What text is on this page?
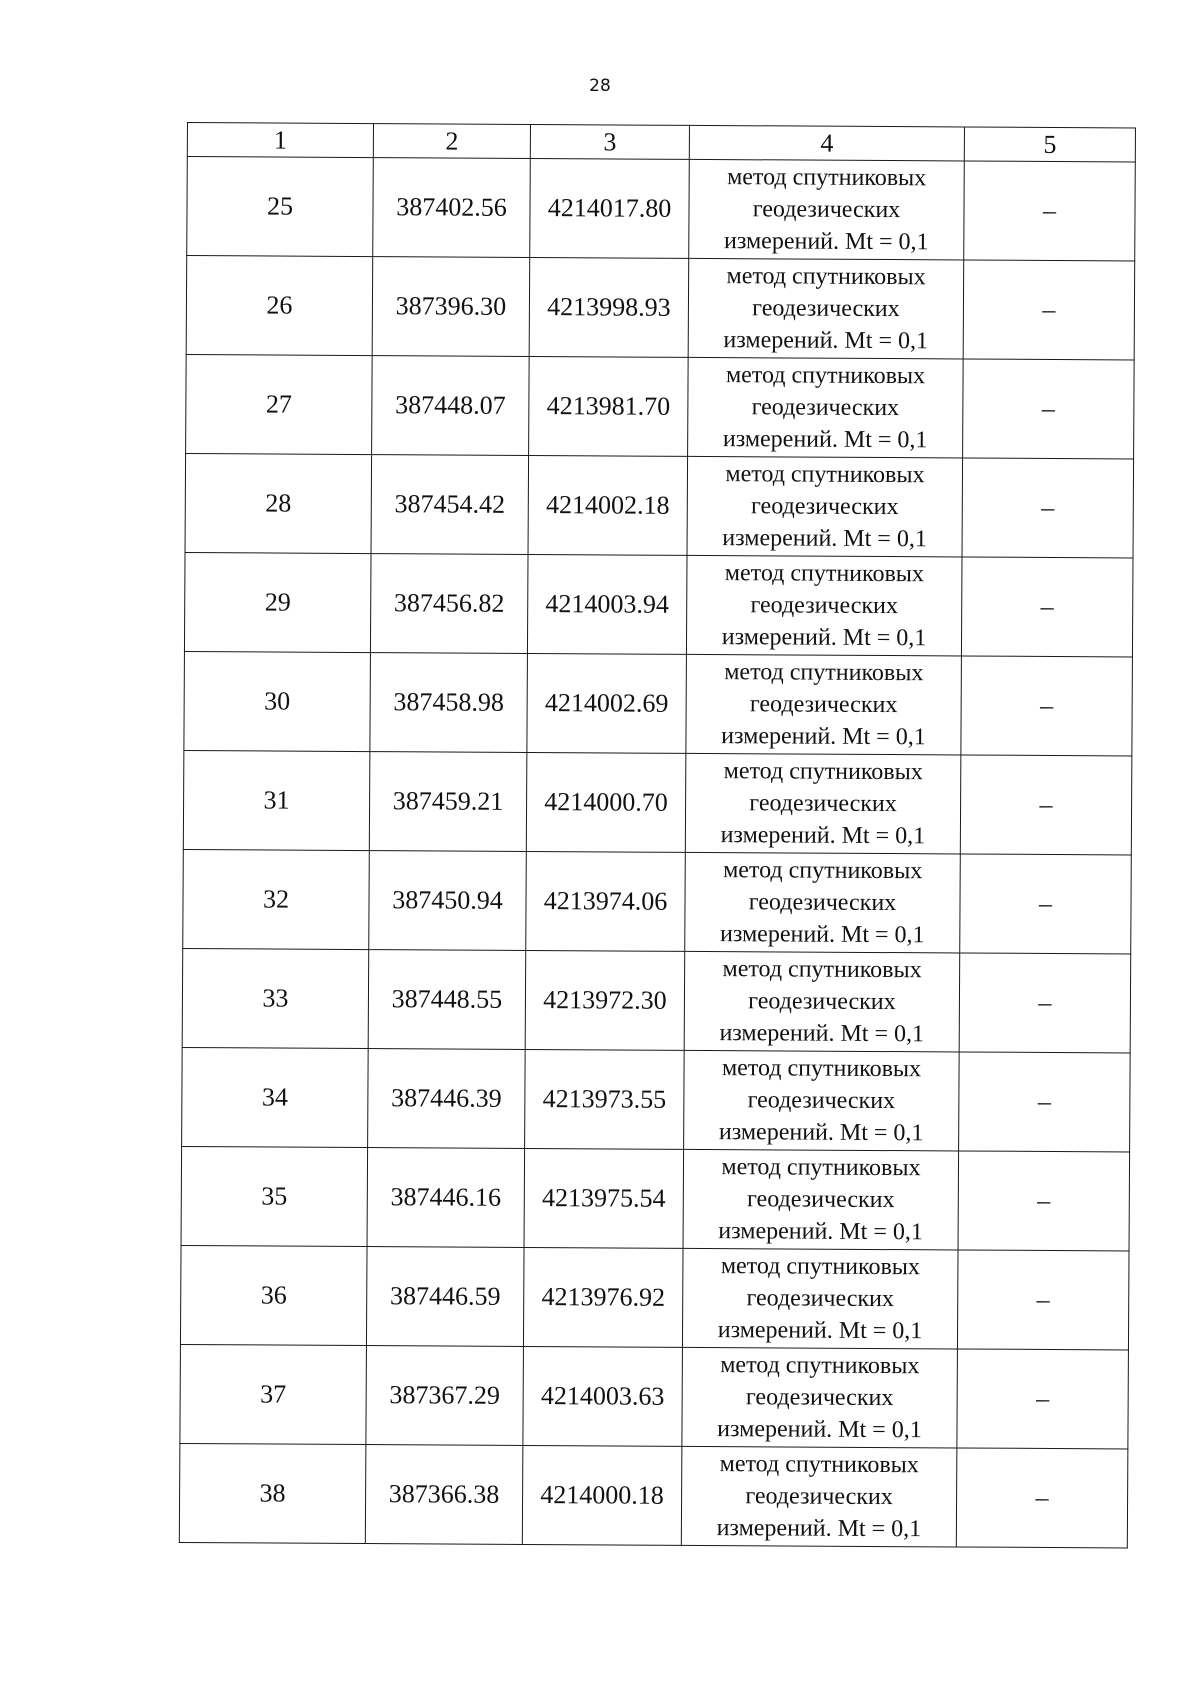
28
1	2	3	4	5
25	387402.56	4214017.80	метод спутниковых
геодезических
измерений. Mt = 0,1	–
26	387396.30	4213998.93	метод спутниковых
геодезических
измерений. Mt = 0,1	–
27	387448.07	4213981.70	метод спутниковых
геодезических
измерений. Mt = 0,1	–
28	387454.42	4214002.18	метод спутниковых
геодезических
измерений. Mt = 0,1	–
29	387456.82	4214003.94	метод спутниковых
геодезических
измерений. Mt = 0,1	–
30	387458.98	4214002.69	метод спутниковых
геодезических
измерений. Mt = 0,1	–
31	387459.21	4214000.70	метод спутниковых
геодезических
измерений. Mt = 0,1	–
32	387450.94	4213974.06	метод спутниковых
геодезических
измерений. Mt = 0,1	–
33	387448.55	4213972.30	метод спутниковых
геодезических
измерений. Mt = 0,1	–
34	387446.39	4213973.55	метод спутниковых
геодезических
измерений. Mt = 0,1	–
35	387446.16	4213975.54	метод спутниковых
геодезических
измерений. Mt = 0,1	–
36	387446.59	4213976.92	метод спутниковых
геодезических
измерений. Mt = 0,1	–
37	387367.29	4214003.63	метод спутниковых
геодезических
измерений. Mt = 0,1	–
38	387366.38	4214000.18	метод спутниковых
геодезических
измерений. Mt = 0,1	–
